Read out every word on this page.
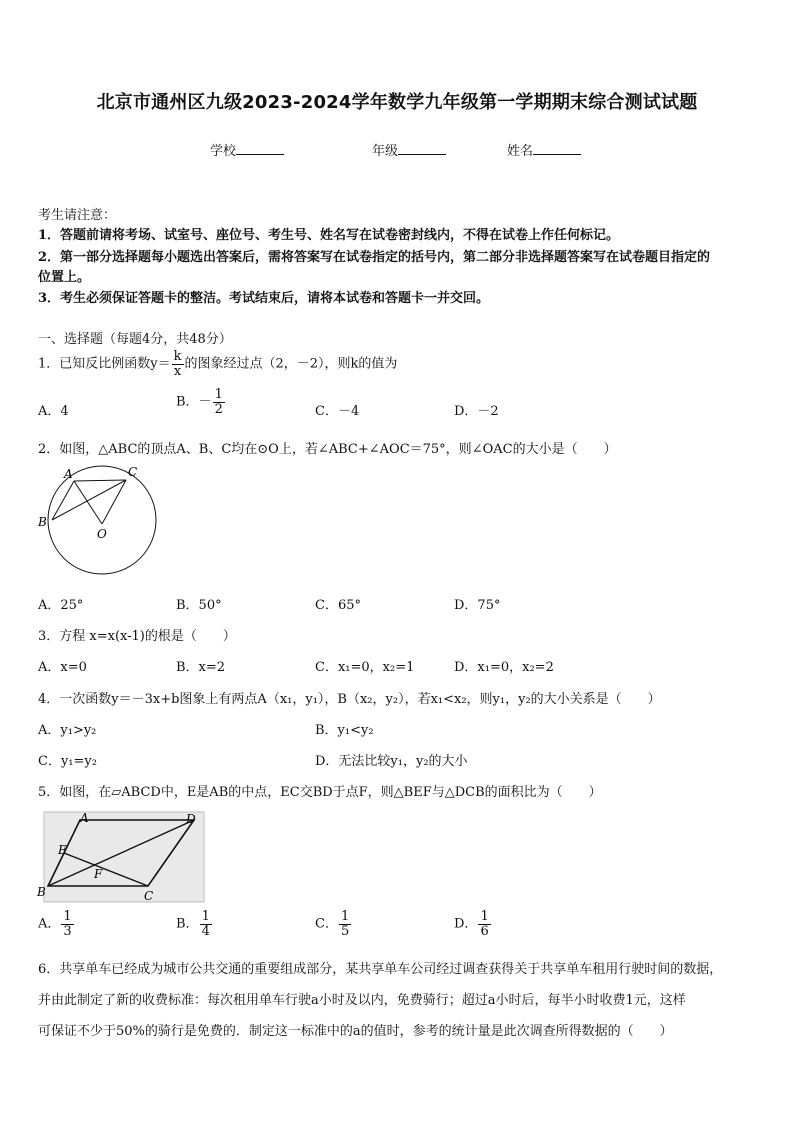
北京市通州区九级2023-2024学年数学九年级第一学期期末综合测试试题
学校	年级	姓名
考生请注意：
1．答题前请将考场、试室号、座位号、考生号、姓名写在试卷密封线内，不得在试卷上作任何标记。
2．第一部分选择题每小题选出答案后，需将答案写在试卷指定的括号内，第二部分非选择题答案写在试卷题目指定的
位置上。
3．考生必须保证答题卡的整洁。考试结束后，请将本试卷和答题卡一并交回。
一、选择题（每题4分，共48分）
1．已知反比例函数$y= \frac{k}{x}$ 的图象经过点（2，－2），则k的值为
A．4
B．－ $\frac{1}{2}$	C．－4	D．－2
2．如图，△ABC的顶点A、B、C均在⊙O上，若∠ABC+∠AOC＝75°，则∠OAC的大小是（　　）
A	C
B
O
A．25°	B．50°	C．65°	D．75°
3．方程 x=x(x-1)的根是（　　）
A．x=0	B．x=2	C．x₁=0，x₂=1	D．x₁=0，x₂=2
4．一次函数y＝－3x+b图象上有两点A（x₁，y₁），B（x₂，y₂），若x₁<x₂，则y₁，y₂的大小关系是（　　）
A．y₁>y₂	B．y₁<y₂
C．y₁=y₂	D．无法比较y₁，y₂的大小
5．如图，在▱ABCD中，E是AB的中点，EC交BD于点F，则△BEF与△DCB的面积比为（　　）
A	D
E
F
B	C
A． $\frac{1}{3}$	B． $\frac{1}{4}$	C． $\frac{1}{5}$	D． $\frac{1}{6}$
6．共享单车已经成为城市公共交通的重要组成部分，某共享单车公司经过调查获得关于共享单车租用行驶时间的数据，
并由此制定了新的收费标准：每次租用单车行驶a小时及以内，免费骑行；超过a小时后，每半小时收费1元，这样
可保证不少于50%的骑行是免费的．制定这一标准中的a的值时，参考的统计量是此次调查所得数据的（　　）
